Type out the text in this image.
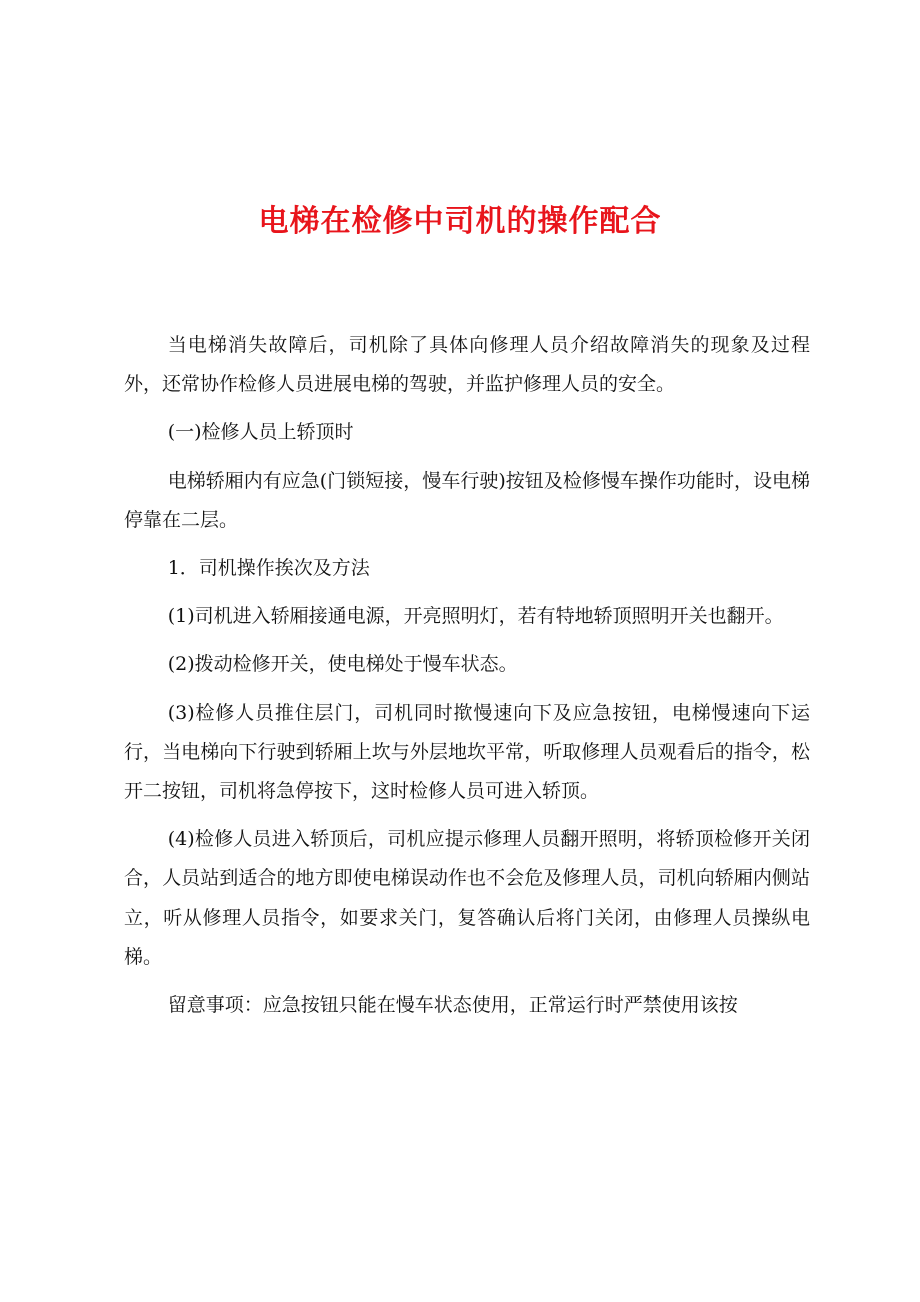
电梯在检修中司机的操作配合

当电梯消失故障后，司机除了具体向修理人员介绍故障消失的现象及过程外，还常协作检修人员进展电梯的驾驶，并监护修理人员的安全。

(一)检修人员上轿顶时

电梯轿厢内有应急(门锁短接，慢车行驶)按钮及检修慢车操作功能时，设电梯停靠在二层。

1．司机操作挨次及方法

(1)司机进入轿厢接通电源，开亮照明灯，若有特地轿顶照明开关也翻开。

(2)拨动检修开关，使电梯处于慢车状态。

(3)检修人员推住层门，司机同时揿慢速向下及应急按钮，电梯慢速向下运行，当电梯向下行驶到轿厢上坎与外层地坎平常，听取修理人员观看后的指令，松开二按钮，司机将急停按下，这时检修人员可进入轿顶。

(4)检修人员进入轿顶后，司机应提示修理人员翻开照明，将轿顶检修开关闭合，人员站到适合的地方即使电梯误动作也不会危及修理人员，司机向轿厢内侧站立，听从修理人员指令，如要求关门，复答确认后将门关闭，由修理人员操纵电梯。

留意事项：应急按钮只能在慢车状态使用，正常运行时严禁使用该按
